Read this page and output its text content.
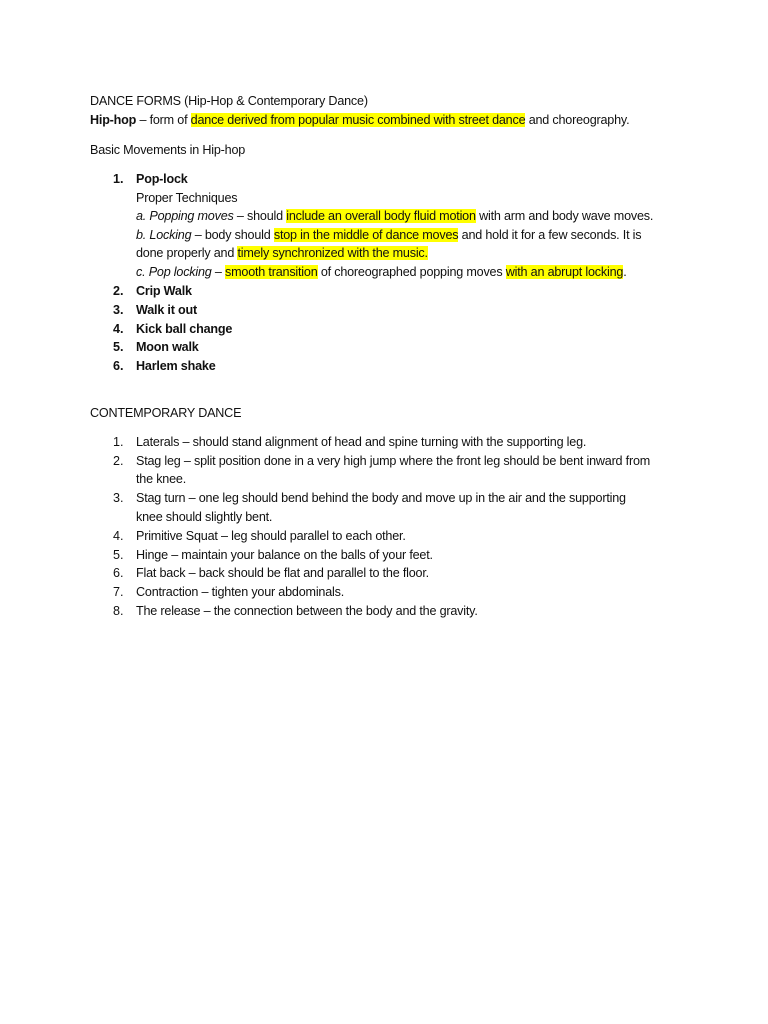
DANCE FORMS (Hip-Hop & Contemporary Dance)
Hip-hop – form of dance derived from popular music combined with street dance and choreography.
Basic Movements in Hip-hop
1. Pop-lock
Proper Techniques
a. Popping moves – should include an overall body fluid motion with arm and body wave moves.
b. Locking – body should stop in the middle of dance moves and hold it for a few seconds. It is
done properly and timely synchronized with the music.
c. Pop locking – smooth transition of choreographed popping moves with an abrupt locking.
2. Crip Walk
3. Walk it out
4. Kick ball change
5. Moon walk
6. Harlem shake
CONTEMPORARY DANCE
1. Laterals – should stand alignment of head and spine turning with the supporting leg.
2. Stag leg – split position done in a very high jump where the front leg should be bent inward from
the knee.
3. Stag turn – one leg should bend behind the body and move up in the air and the supporting
knee should slightly bent.
4. Primitive Squat – leg should parallel to each other.
5. Hinge – maintain your balance on the balls of your feet.
6. Flat back – back should be flat and parallel to the floor.
7. Contraction – tighten your abdominals.
8. The release – the connection between the body and the gravity.
